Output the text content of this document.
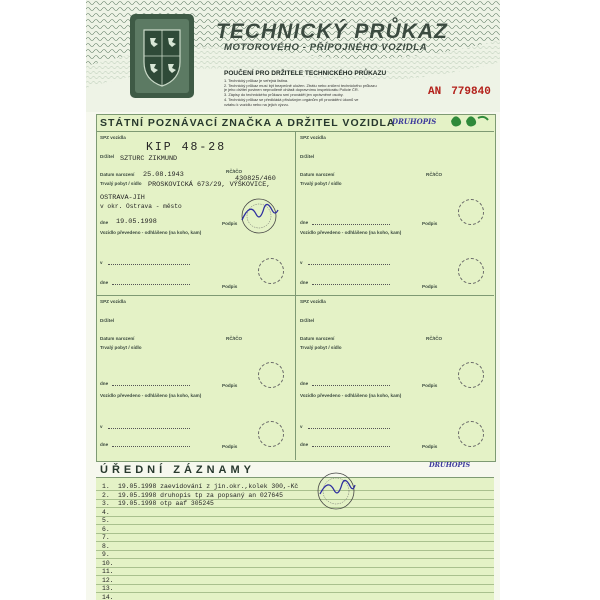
TECHNICKÝ PRŮKAZ
MOTOROVÉHO - PŘÍPOJNÉHO VOZIDLA
POUČENÍ PRO DRŽITELE TECHNICKÉHO PRŮKAZU
1. Technický průkaz je veřejná listina.
2. Technický průkaz musí být bezpečně uložen. Ztrátu nebo zničení technického průkazu
je jeho držitel povinen neprodleně ohlásit dopravnímu inspektorátu Policie ČR.
3. Zápisy do technického průkazu smí provádět jen oprávněné osoby.
4. Technický průkaz se předkládá příslušným orgánům při provádění úkonů ve
vztahu k vozidlu nebo na jejich výzvu.
AN 779840
STÁTNÍ POZNÁVACÍ ZNAČKA A DRŽITEL VOZIDLA
DRUHOPIS
SPZ vozidla
KIP 48-28
Držitel SZTURC ZIKMUND
Datum narození 25.08.1943	RČ/IČO
430825/460
Trvalý pobyt / sídlo PROSKOVICKÁ 673/29, VÝŠKOVICE,
OSTRAVA-JIH
v okr. Ostrava - město
dne 19.05.1998	Podpis
Vozidlo převedeno - odhlášeno (na koho, kam)
v
dne
Podpis
SPZ vozidla
Držitel
Datum narození	RČ/IČO
Trvalý pobyt / sídlo
dne	Podpis
Vozidlo převedeno - odhlášeno (na koho, kam)
v
dne
Podpis
SPZ vozidla
Držitel
Datum narození	RČ/IČO
Trvalý pobyt / sídlo
dne	Podpis
Vozidlo převedeno - odhlášeno (na koho, kam)
v
dne	Podpis
SPZ vozidla
Držitel
Datum narození	RČ/IČO
Trvalý pobyt / sídlo
dne	Podpis
Vozidlo převedeno - odhlášeno (na koho, kam)
v
dne	Podpis
ÚŘEDNÍ ZÁZNAMY	DRUHOPIS
1. 19.05.1998 zaevidování z jin.okr.,kolek 300,-Kč
2. 19.05.1998 druhopis tp za popsaný an 027645
3. 19.05.1998 otp aaf 305245
4.
5.
6.
7.
8.
9.
10.
11.
12.
13.
14.
